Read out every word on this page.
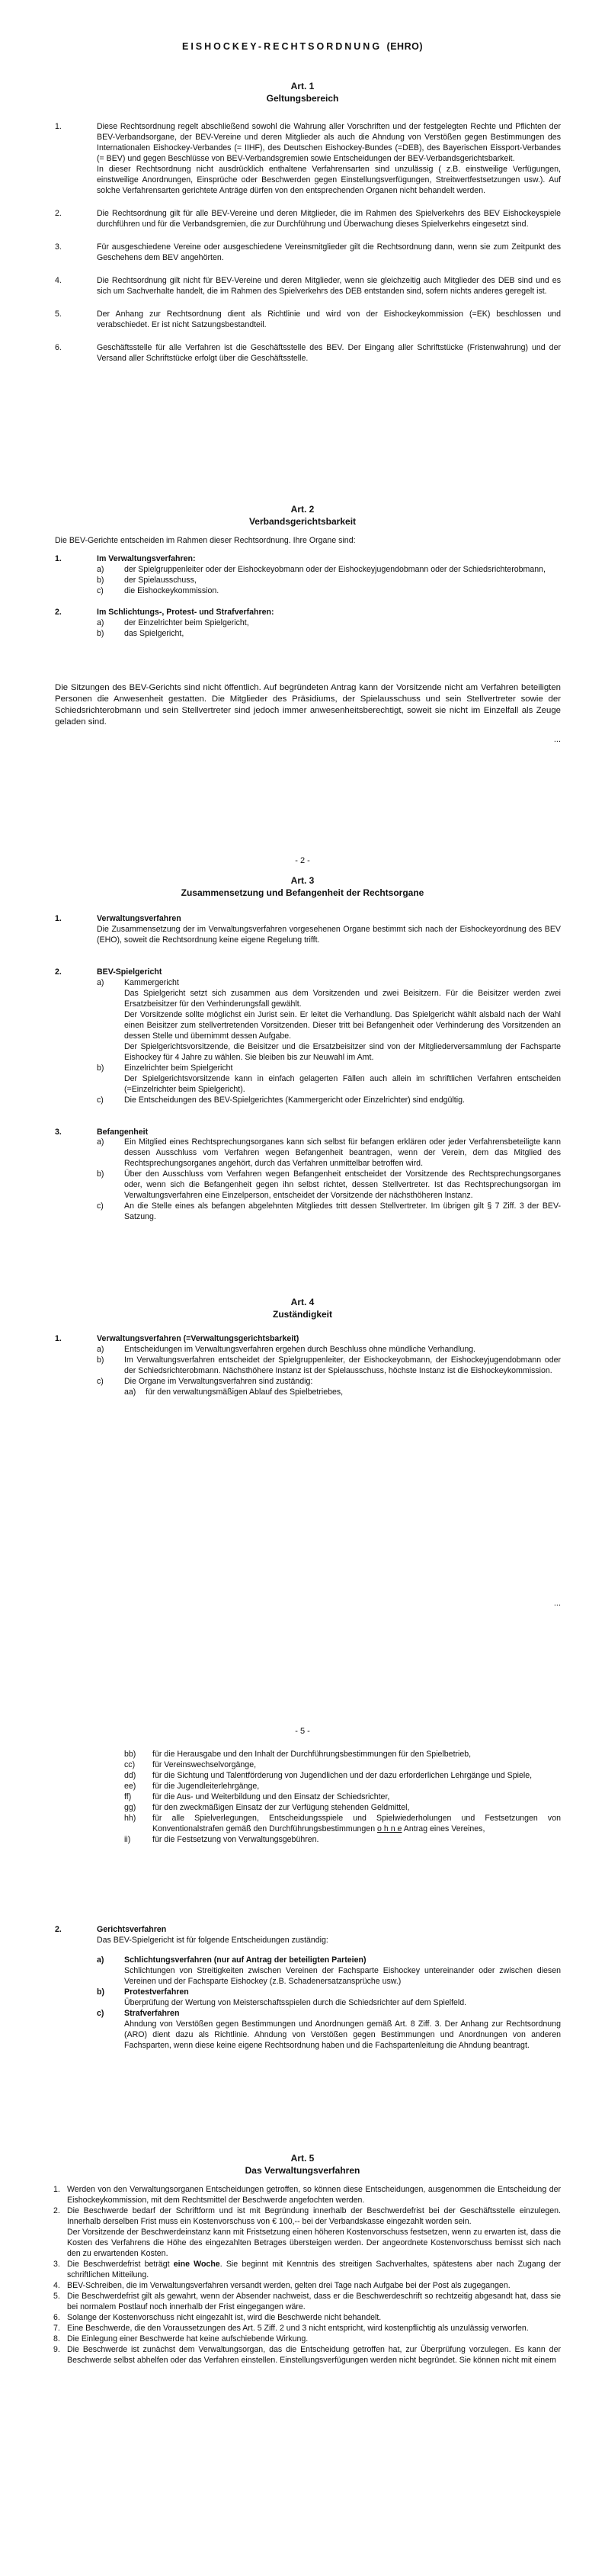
EISHOCKEY-RECHTSORDNUNG (EHRO)
Art. 1
Geltungsbereich
1.	Diese Rechtsordnung regelt abschließend sowohl die Wahrung aller Vorschriften und der festgelegten Rechte und Pflichten der BEV-Verbandsorgane, der BEV-Vereine und deren Mitglieder als auch die Ahndung von Verstößen gegen Bestimmungen des Internationalen Eishockey-Verbandes (= IIHF), des Deutschen Eishockey-Bundes (=DEB), des Bayerischen Eissport-Verbandes (= BEV) und gegen Beschlüsse von BEV-Verbandsgremien sowie Entscheidungen der BEV-Verbandsgerichtsbarkeit.

In dieser Rechtsordnung nicht ausdrücklich enthaltene Verfahrensarten sind unzulässig ( z.B. einstweilige Verfügungen, einstweilige Anordnungen, Einsprüche oder Beschwerden gegen Einstellungsverfügungen, Streitwertfestsetzungen usw.). Auf solche Verfahrensarten gerichtete Anträge dürfen von den entsprechenden Organen nicht behandelt werden.

2.	Die Rechtsordnung gilt für alle BEV-Vereine und deren Mitglieder, die im Rahmen des Spielverkehrs des BEV Eishockeyspiele durchführen und für die Verbandsgremien, die zur Durchführung und Überwachung dieses Spielverkehrs eingesetzt sind.

3.	Für ausgeschiedene Vereine oder ausgeschiedene Vereinsmitglieder gilt die Rechtsordnung dann, wenn sie zum Zeitpunkt des Geschehens dem BEV angehörten.

4.	Die Rechtsordnung gilt nicht für BEV-Vereine und deren Mitglieder, wenn sie gleichzeitig auch Mitglieder des DEB sind und es sich um Sachverhalte handelt, die im Rahmen des Spielverkehrs des DEB entstanden sind, sofern nichts anderes geregelt ist.

5.	Der Anhang zur Rechtsordnung dient als Richtlinie und wird von der Eishockeykommission (=EK) beschlossen und verabschiedet. Er ist nicht Satzungsbestandteil.

6.	Geschäftsstelle für alle Verfahren ist die Geschäftsstelle des BEV. Der Eingang aller Schriftstücke (Fristenwahrung) und der Versand aller Schriftstücke erfolgt über die Geschäftsstelle.

Art. 2
Verbandsgerichtsbarkeit

Die BEV-Gerichte entscheiden im Rahmen dieser Rechtsordnung. Ihre Organe sind:

1.	Im Verwaltungsverfahren:
a)	der Spielgruppenleiter oder der Eishockeyobmann oder der Eishockeyjugendobmann oder der Schiedsrichterobmann,
b)	der Spielausschuss,
c)	die Eishockeykommission.
2.	Im Schlichtungs-, Protest- und Strafverfahren:
a)	der Einzelrichter beim Spielgericht,
b)	das Spielgericht,

Die Sitzungen des BEV-Gerichts sind nicht öffentlich. Auf begründeten Antrag kann der Vorsitzende nicht am Verfahren beteiligten Personen die Anwesenheit gestatten. Die Mitglieder des Präsidiums, der Spielausschuss und sein Stellvertreter sowie der Schiedsrichterobmann und sein Stellvertreter sind jedoch immer anwesenheitsberechtigt, soweit sie nicht im Einzelfall als Zeuge geladen sind.

...
- 2 -
Art. 3
Zusammensetzung und Befangenheit der Rechtsorgane
1.	Verwaltungsverfahren

Die Zusammensetzung der im Verwaltungsverfahren vorgesehenen Organe bestimmt sich nach der Eishockeyordnung des BEV (EHO), soweit die Rechtsordnung keine eigene Regelung trifft.

2.	BEV-Spielgericht
a)	Kammergericht

Das Spielgericht setzt sich zusammen aus dem Vorsitzenden und zwei Beisitzern. Für die Beisitzer werden zwei Ersatzbeisitzer für den Verhinderungsfall gewählt.

Der Vorsitzende sollte möglichst ein Jurist sein. Er leitet die Verhandlung. Das Spielgericht wählt alsbald nach der Wahl einen Beisitzer zum stellvertretenden Vorsitzenden. Dieser tritt bei Befangenheit oder Verhinderung des Vorsitzenden an dessen Stelle und übernimmt dessen Aufgabe.

Der Spielgerichtsvorsitzende, die Beisitzer und die Ersatzbeisitzer sind von der Mitgliederversammlung der Fachsparte Eishockey für 4 Jahre zu wählen. Sie bleiben bis zur Neuwahl im Amt.

b)	Einzelrichter beim Spielgericht

Der Spielgerichtsvorsitzende kann in einfach gelagerten Fällen auch allein im schriftlichen Verfahren entscheiden (=Einzelrichter beim Spielgericht).

c)	Die Entscheidungen des BEV-Spielgerichtes (Kammergericht oder Einzelrichter) sind endgültig.

3.	Befangenheit
a)	Ein Mitglied eines Rechtsprechungsorganes kann sich selbst für befangen erklären oder jeder Verfahrensbeteiligte kann dessen Ausschluss vom Verfahren wegen Befangenheit beantragen, wenn der Verein, dem das Mitglied des Rechtsprechungsorganes angehört, durch das Verfahren unmittelbar betroffen wird.
b)	Über den Ausschluss vom Verfahren wegen Befangenheit entscheidet der Vorsitzende des Rechtsprechungsorganes oder, wenn sich die Befangenheit gegen ihn selbst richtet, dessen Stellvertreter. Ist das Rechtsprechungsorgan im Verwaltungsverfahren eine Einzelperson, entscheidet der Vorsitzende der nächsthöheren Instanz.
c)	An die Stelle eines als befangen abgelehnten Mitgliedes tritt dessen Stellvertreter. Im übrigen gilt § 7 Ziff. 3 der BEV-Satzung.
Art. 4
Zuständigkeit
1.	Verwaltungsverfahren (=Verwaltungsgerichtsbarkeit)
a)	Entscheidungen im Verwaltungsverfahren ergehen durch Beschluss ohne mündliche Verhandlung.
b)	Im Verwaltungsverfahren entscheidet der Spielgruppenleiter, der Eishockeyobmann, der Eishockeyjugendobmann oder der Schiedsrichterobmann. Nächsthöhere Instanz ist der Spielausschuss, höchste Instanz ist die Eishockeykommission.
c)	Die Organe im Verwaltungsverfahren sind zuständig:
aa) für den verwaltungsmäßigen Ablauf des Spielbetriebes,
...
- 5 -
bb) für die Herausgabe und den Inhalt der Durchführungsbestimmungen für den Spielbetrieb,
cc) für Vereinswechselvorgänge,
dd) für die Sichtung und Talentförderung von Jugendlichen und der dazu erforderlichen Lehrgänge und Spiele,
ee) für die Jugendleiterlehrgänge,
ff)	für die Aus- und Weiterbildung und den Einsatz der Schiedsrichter,
gg) für den zweckmäßigen Einsatz der zur Verfügung stehenden Geldmittel,
hh) für alle Spielverlegungen, Entscheidungsspiele und Spielwiederholungen und Festsetzungen von Konventionalstrafen gemäß den Durchführungsbestimmungen o h n e Antrag eines Vereines,
ii)	für die Festsetzung von Verwaltungsgebühren.
2.	Gerichtsverfahren

Das BEV-Spielgericht ist für folgende Entscheidungen zuständig:

a)	Schlichtungsverfahren (nur auf Antrag der beteiligten Parteien)

Schlichtungen von Streitigkeiten zwischen Vereinen der Fachsparte Eishockey untereinander oder zwischen diesen Vereinen und der Fachsparte Eishockey (z.B. Schadenersatzansprüche usw.)

b) Protestverfahren

Überprüfung der Wertung von Meisterschaftsspielen durch die Schiedsrichter auf dem Spielfeld.

c)	Strafverfahren

Ahndung von Verstößen gegen Bestimmungen und Anordnungen gemäß Art. 8 Ziff. 3. Der Anhang zur Rechtsordnung (ARO) dient dazu als Richtlinie. Ahndung von Verstößen gegen Bestimmungen und Anordnungen von anderen Fachsparten, wenn diese keine eigene Rechtsordnung haben und die Fachspartenleitung die Ahndung beantragt.

Art. 5
Das Verwaltungsverfahren
1. Werden von den Verwaltungsorganen Entscheidungen getroffen, so können diese Entscheidungen, ausgenommen die Entscheidung der Eishockeykommission, mit dem Rechtsmittel der Beschwerde angefochten werden.
2. Die Beschwerde bedarf der Schriftform und ist mit Begründung innerhalb der Beschwerdefrist bei der Geschäftsstelle einzulegen. Innerhalb derselben Frist muss ein Kostenvorschuss von € 100,-- bei der Verbandskasse eingezahlt worden sein.

Der Vorsitzende der Beschwerdeinstanz kann mit Fristsetzung einen höheren Kostenvorschuss festsetzen, wenn zu erwarten ist, dass die Kosten des Verfahrens die Höhe des eingezahlten Betrages übersteigen werden. Der angeordnete Kostenvorschuss bemisst sich nach den zu erwartenden Kosten.

3. Die Beschwerdefrist beträgt eine Woche. Sie beginnt mit Kenntnis des streitigen Sachverhaltes, spätestens aber nach Zugang der schriftlichen Mitteilung.
4. BEV-Schreiben, die im Verwaltungsverfahren versandt werden, gelten drei Tage nach Aufgabe bei der Post als zugegangen.
5. Die Beschwerdefrist gilt als gewahrt, wenn der Absender nachweist, dass er die Beschwerdeschrift so rechtzeitig abgesandt hat, dass sie bei normalem Postlauf noch innerhalb der Frist eingegangen wäre.
6. Solange der Kostenvorschuss nicht eingezahlt ist, wird die Beschwerde nicht behandelt.
7. Eine Beschwerde, die den Voraussetzungen des Art. 5 Ziff. 2 und 3 nicht entspricht, wird kostenpflichtig als unzulässig verworfen.
8. Die Einlegung einer Beschwerde hat keine aufschiebende Wirkung.
9. Die Beschwerde ist zunächst dem Verwaltungsorgan, das die Entscheidung getroffen hat, zur Überprüfung vorzulegen. Es kann der Beschwerde selbst abhelfen oder das Verfahren einstellen. Einstellungsverfügungen werden nicht begründet. Sie können nicht mit einem
